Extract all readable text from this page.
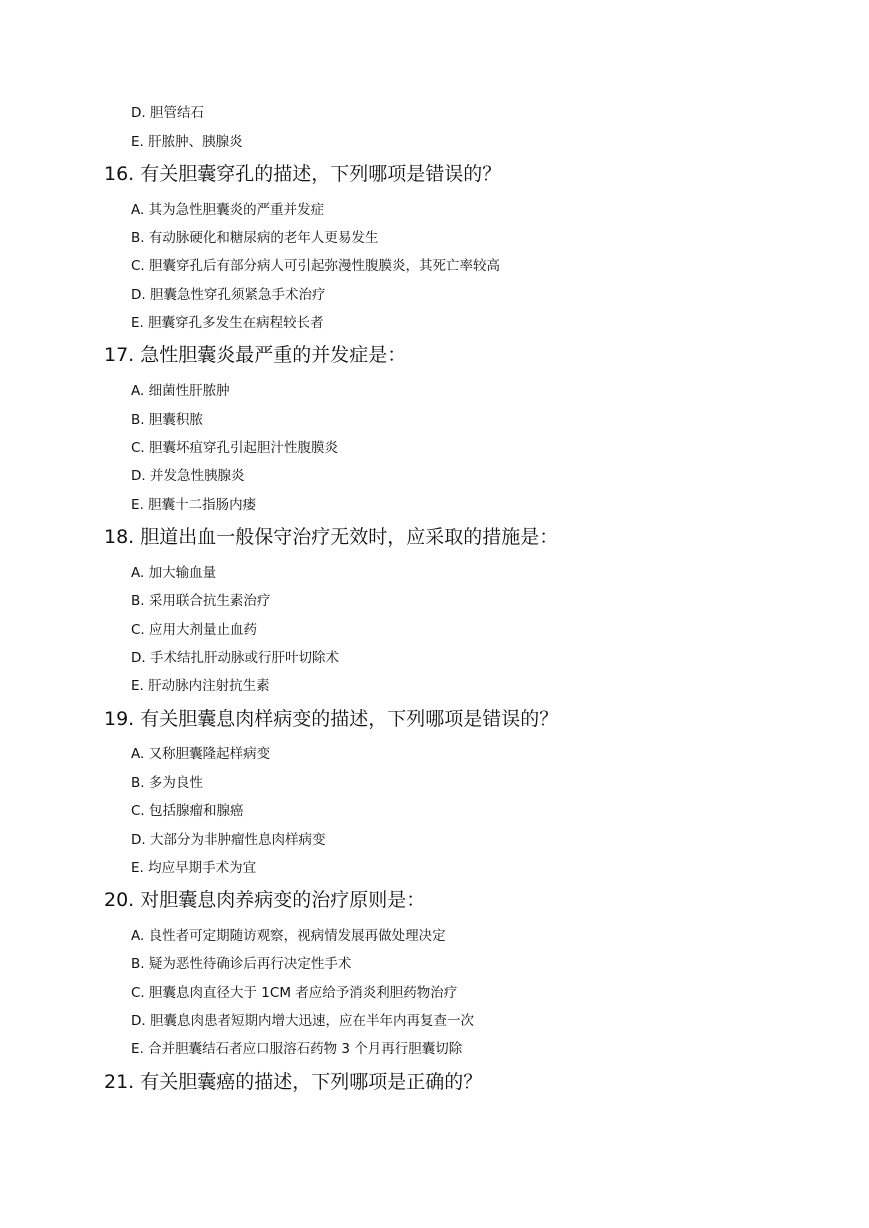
D. 胆管结石
E. 肝脓肿、胰腺炎
16. 有关胆囊穿孔的描述，下列哪项是错误的？
A. 其为急性胆囊炎的严重并发症
B. 有动脉硬化和糖尿病的老年人更易发生
C. 胆囊穿孔后有部分病人可引起弥漫性腹膜炎，其死亡率较高
D. 胆囊急性穿孔须紧急手术治疗
E. 胆囊穿孔多发生在病程较长者
17. 急性胆囊炎最严重的并发症是：
A. 细菌性肝脓肿
B. 胆囊积脓
C. 胆囊坏疽穿孔引起胆汁性腹膜炎
D. 并发急性胰腺炎
E. 胆囊十二指肠内瘘
18. 胆道出血一般保守治疗无效时，应采取的措施是：
A. 加大输血量
B. 采用联合抗生素治疗
C. 应用大剂量止血药
D. 手术结扎肝动脉或行肝叶切除术
E. 肝动脉内注射抗生素
19. 有关胆囊息肉样病变的描述，下列哪项是错误的？
A. 又称胆囊隆起样病变
B. 多为良性
C. 包括腺瘤和腺癌
D. 大部分为非肿瘤性息肉样病变
E. 均应早期手术为宜
20. 对胆囊息肉养病变的治疗原则是：
A. 良性者可定期随访观察，视病情发展再做处理决定
B. 疑为恶性待确诊后再行决定性手术
C. 胆囊息肉直径大于 1CM 者应给予消炎利胆药物治疗
D. 胆囊息肉患者短期内增大迅速，应在半年内再复查一次
E. 合并胆囊结石者应口服溶石药物 3 个月再行胆囊切除
21. 有关胆囊癌的描述，下列哪项是正确的？
